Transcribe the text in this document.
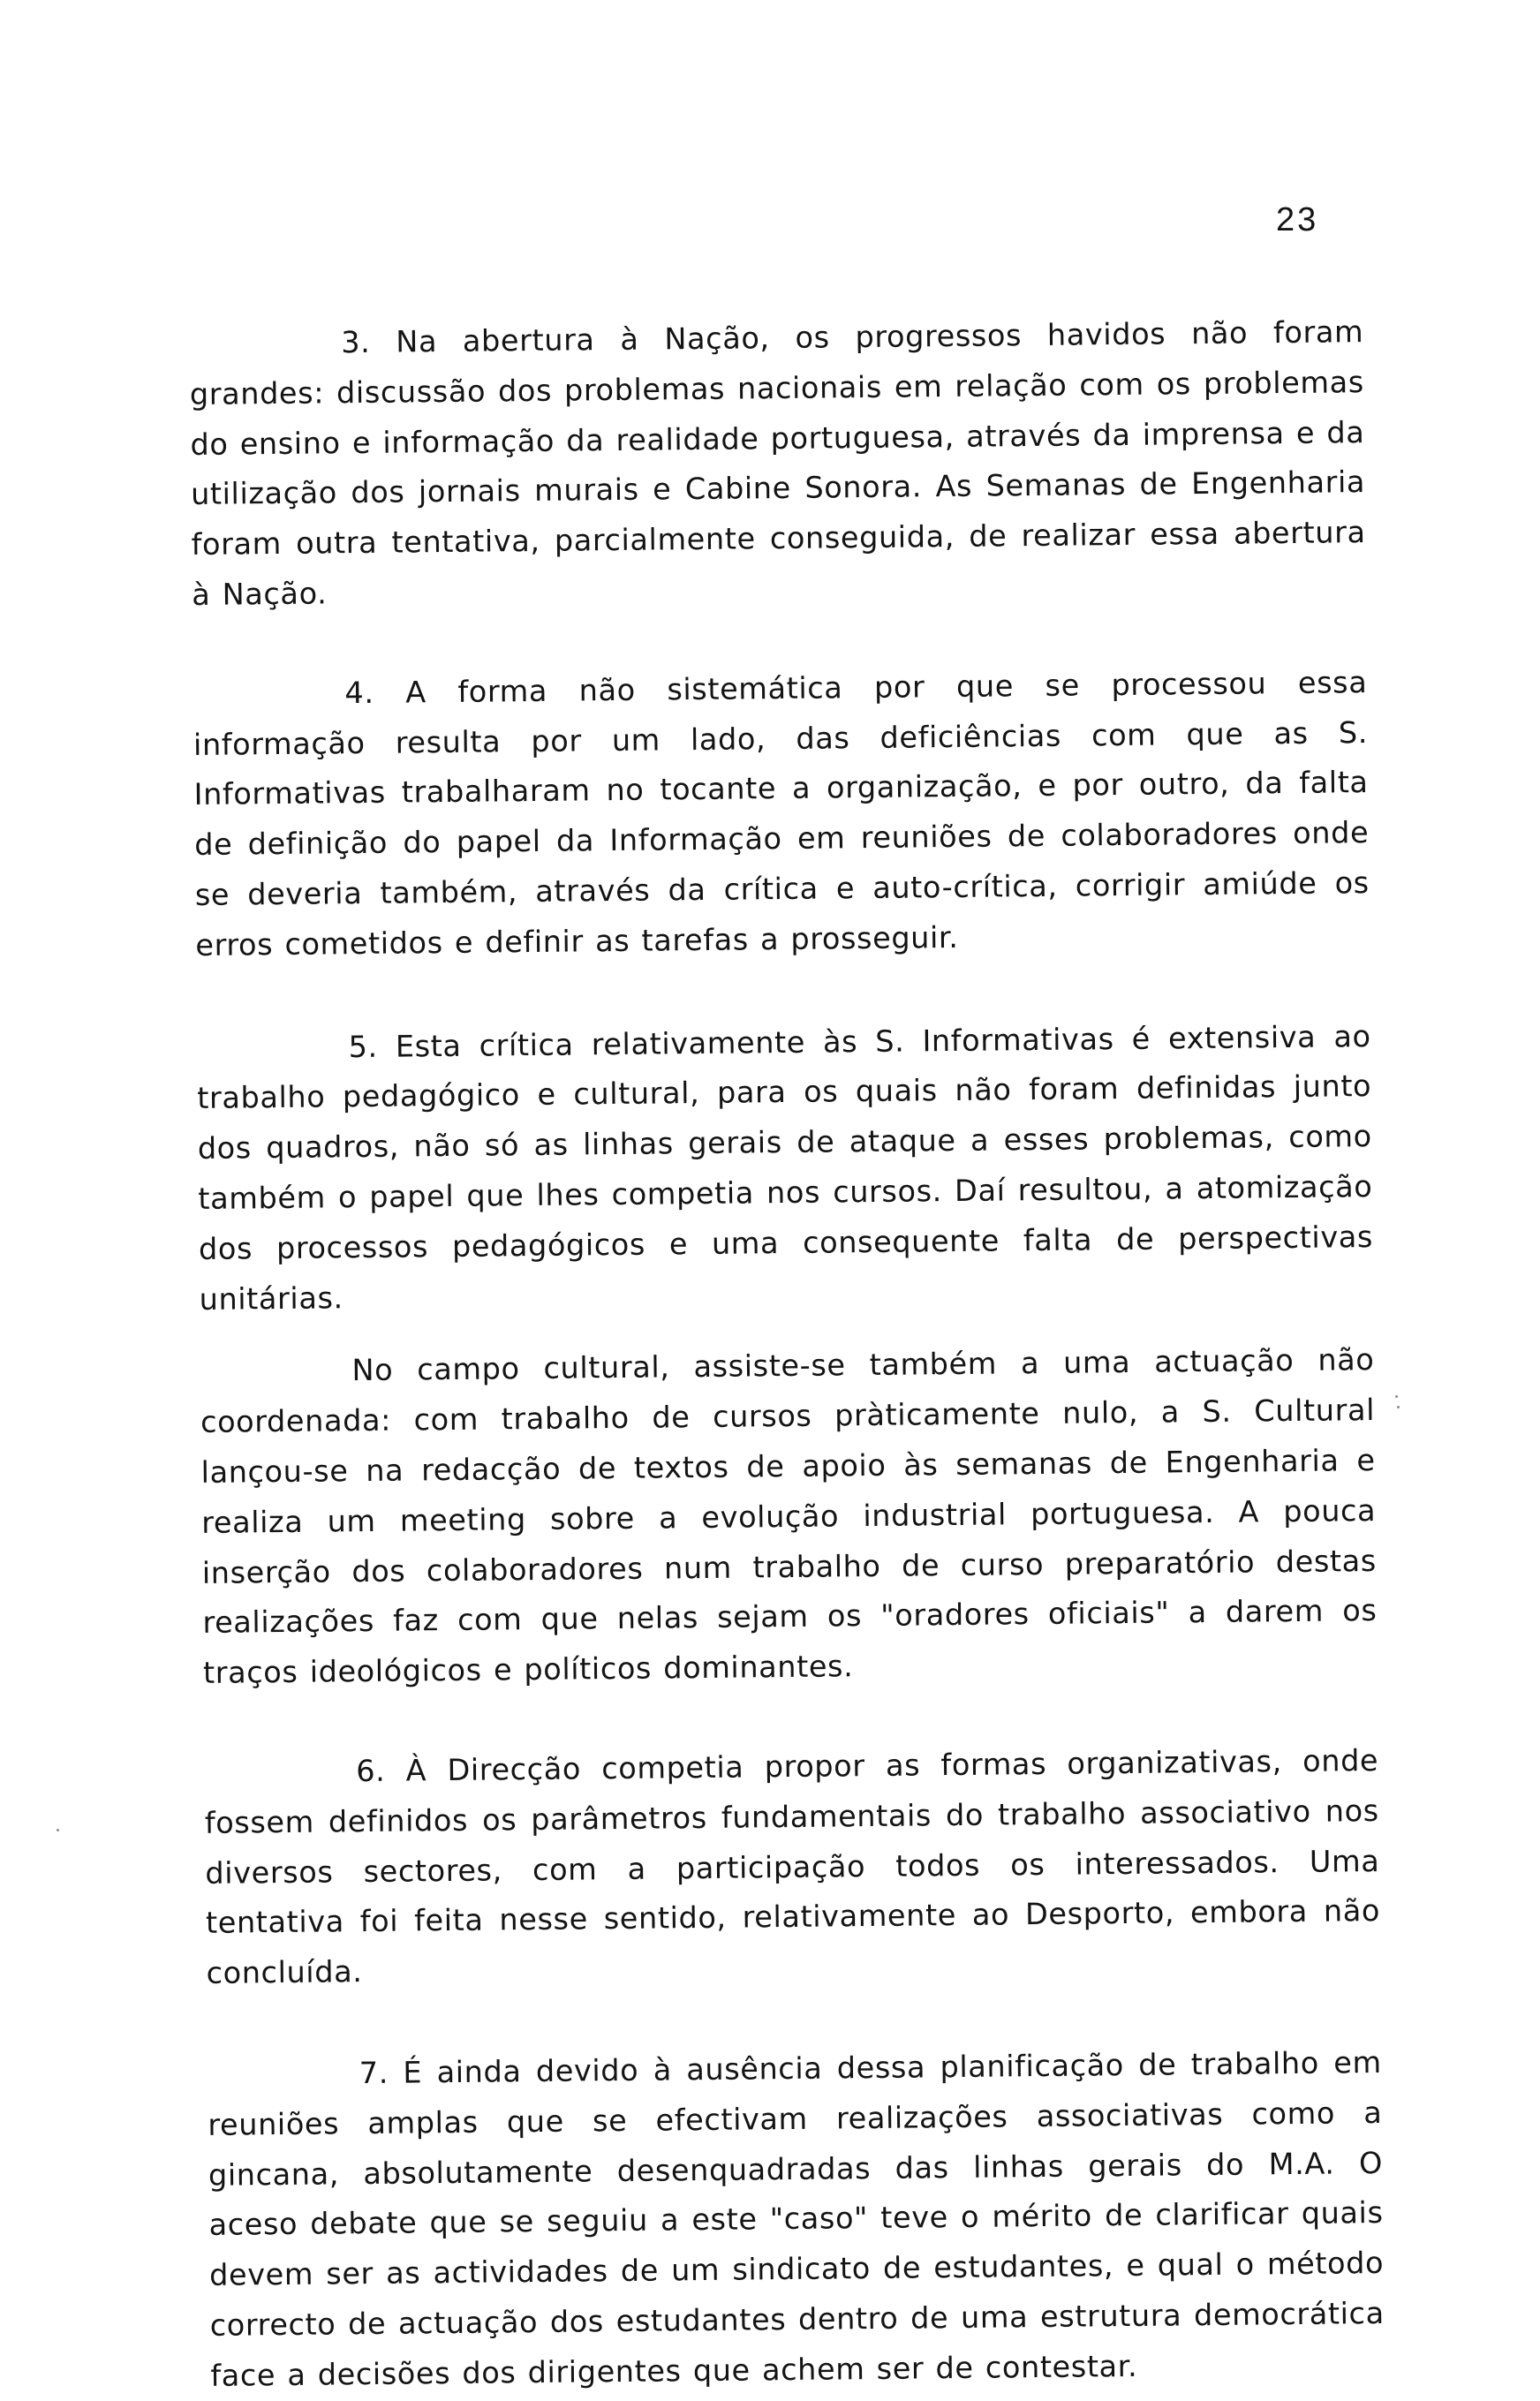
23

3. Na abertura à Nação, os progressos havidos não foram grandes: discussão dos problemas nacionais em relação com os problemas do ensino e informação da realidade portuguesa, através da imprensa e da utilização dos jornais murais e Cabine Sonora. As Semanas de Engenharia foram outra tentativa, parcialmente conseguida, de realizar essa abertura à Nação.

4. A forma não sistemática por que se processou essa informação resulta por um lado, das deficiências com que as S. Informativas trabalharam no tocante a organização, e por outro, da falta de definição do papel da Informação em reuniões de colaboradores onde se deveria também, através da crítica e auto-crítica, corrigir amiúde os erros cometidos e definir as tarefas a prosseguir.

5. Esta crítica relativamente às S. Informativas é extensiva ao trabalho pedagógico e cultural, para os quais não foram definidas junto dos quadros, não só as linhas gerais de ataque a esses problemas, como também o papel que lhes competia nos cursos. Daí resultou, a atomização dos processos pedagógicos e uma consequente falta de perspectivas unitárias.

No campo cultural, assiste-se também a uma actuação não coordenada: com trabalho de cursos pràticamente nulo, a S. Cultural lançou-se na redacção de textos de apoio às semanas de Engenharia e realiza um meeting sobre a evolução industrial portuguesa. A pouca inserção dos colaboradores num trabalho de curso preparatório destas realizações faz com que nelas sejam os "oradores oficiais" a darem os traços ideológicos e políticos dominantes.

6. À Direcção competia propor as formas organizativas, onde fossem definidos os parâmetros fundamentais do trabalho associativo nos diversos sectores, com a participação todos os interessados. Uma tentativa foi feita nesse sentido, relativamente ao Desporto, embora não concluída.

7. É ainda devido à ausência dessa planificação de trabalho em reuniões amplas que se efectivam realizações associativas como a gincana, absolutamente desenquadradas das linhas gerais do M.A. O aceso debate que se seguiu a este "caso" teve o mérito de clarificar quais devem ser as actividades de um sindicato de estudantes, e qual o método correcto de actuação dos estudantes dentro de uma estrutura democrática face a decisões dos dirigentes que achem ser de contestar.
